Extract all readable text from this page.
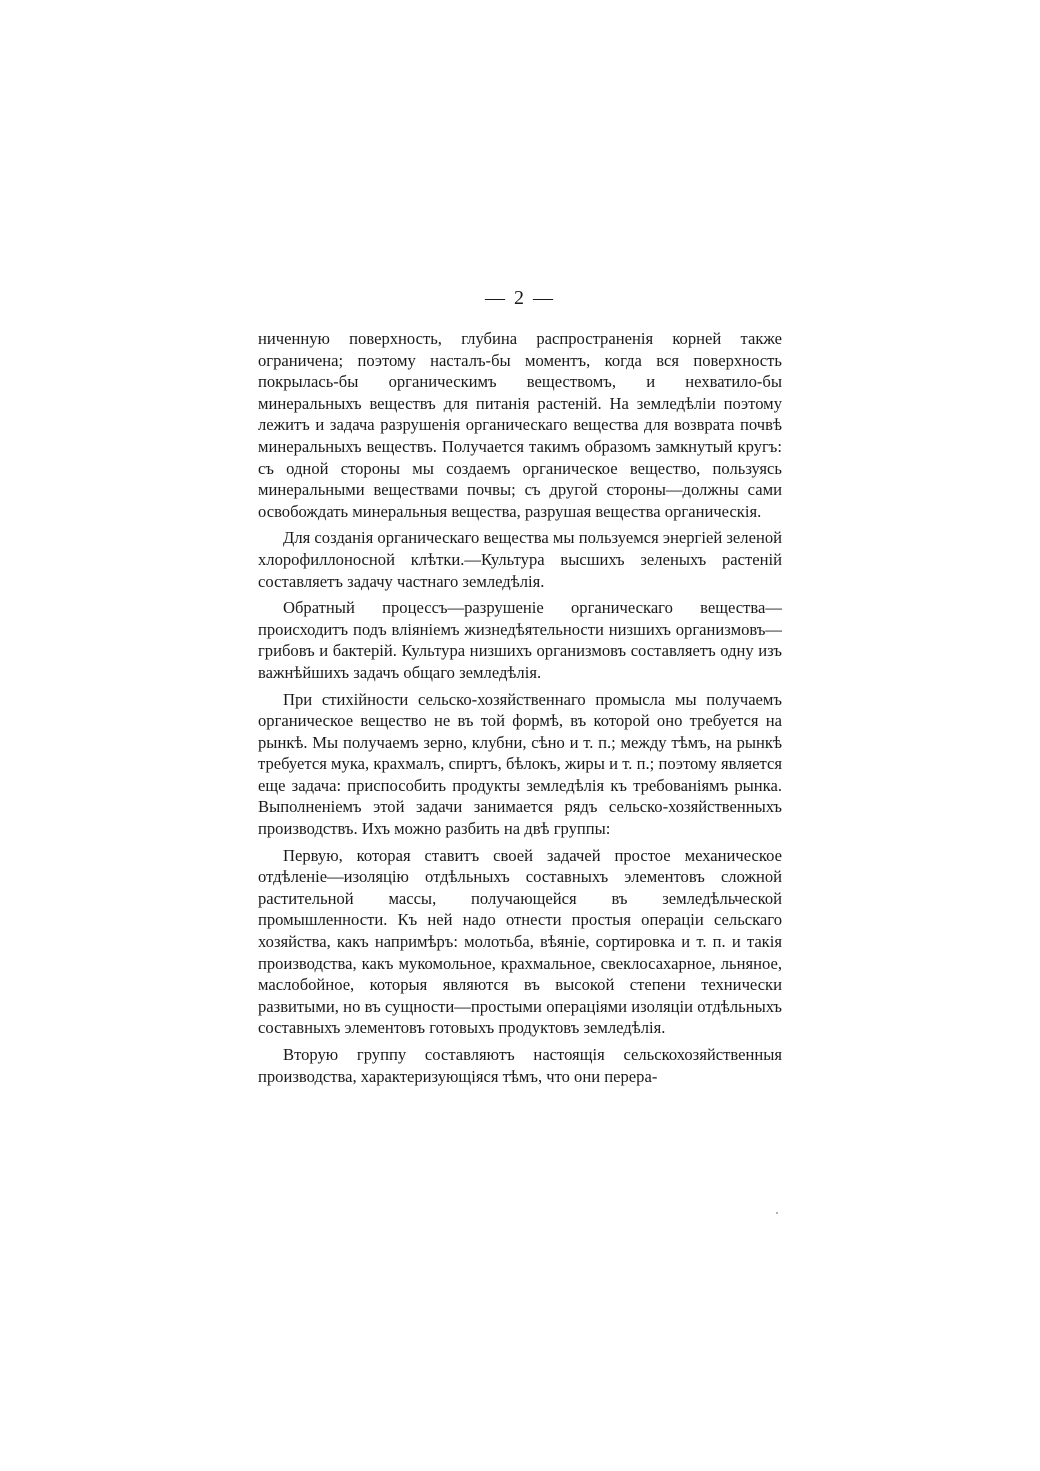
— 2 —

ниченную поверхность, глубина распространенія корней также ограничена; поэтому насталъ-бы моментъ, когда вся поверхность покрылась-бы органическимъ веществомъ, и нехватило-бы минеральныхъ веществъ для питанія растеній. На земледѣліи поэтому лежитъ и задача разрушенія органическаго вещества для возврата почвѣ минеральныхъ веществъ. Получается такимъ образомъ замкнутый кругъ: съ одной стороны мы создаемъ органическое вещество, пользуясь минеральными веществами почвы; съ другой стороны—должны сами освобождать минеральныя вещества, разрушая вещества органическія.

Для созданія органическаго вещества мы пользуемся энергіей зеленой хлорофиллоносной клѣтки.—Культура высшихъ зеленыхъ растеній составляетъ задачу частнаго земледѣлія.

Обратный процессъ—разрушеніе органическаго вещества—происходитъ подъ вліяніемъ жизнедѣятельности низшихъ организмовъ—грибовъ и бактерій. Культура низшихъ организмовъ составляетъ одну изъ важнѣйшихъ задачъ общаго земледѣлія.

При стихійности сельско-хозяйственнаго промысла мы получаемъ органическое вещество не въ той формѣ, въ которой оно требуется на рынкѣ. Мы получаемъ зерно, клубни, сѣно и т. п.; между тѣмъ, на рынкѣ требуется мука, крахмалъ, спиртъ, бѣлокъ, жиры и т. п.; поэтому является еще задача: приспособить продукты земледѣлія къ требованіямъ рынка. Выполненіемъ этой задачи занимается рядъ сельско-хозяйственныхъ производствъ. Ихъ можно разбить на двѣ группы:

Первую, которая ставитъ своей задачей простое механическое отдѣленіе—изоляцію отдѣльныхъ составныхъ элементовъ сложной растительной массы, получающейся въ земледѣльческой промышленности. Къ ней надо отнести простыя операціи сельскаго хозяйства, какъ напримѣръ: молотьба, вѣяніе, сортировка и т. п. и такія производства, какъ мукомольное, крахмальное, свеклосахарное, льняное, маслобойное, которыя являются въ высокой степени технически развитыми, но въ сущности—простыми операціями изоляціи отдѣльныхъ составныхъ элементовъ готовыхъ продуктовъ земледѣлія.

Вторую группу составляютъ настоящія сельскохозяйственныя производства, характеризующіяся тѣмъ, что они перера-
